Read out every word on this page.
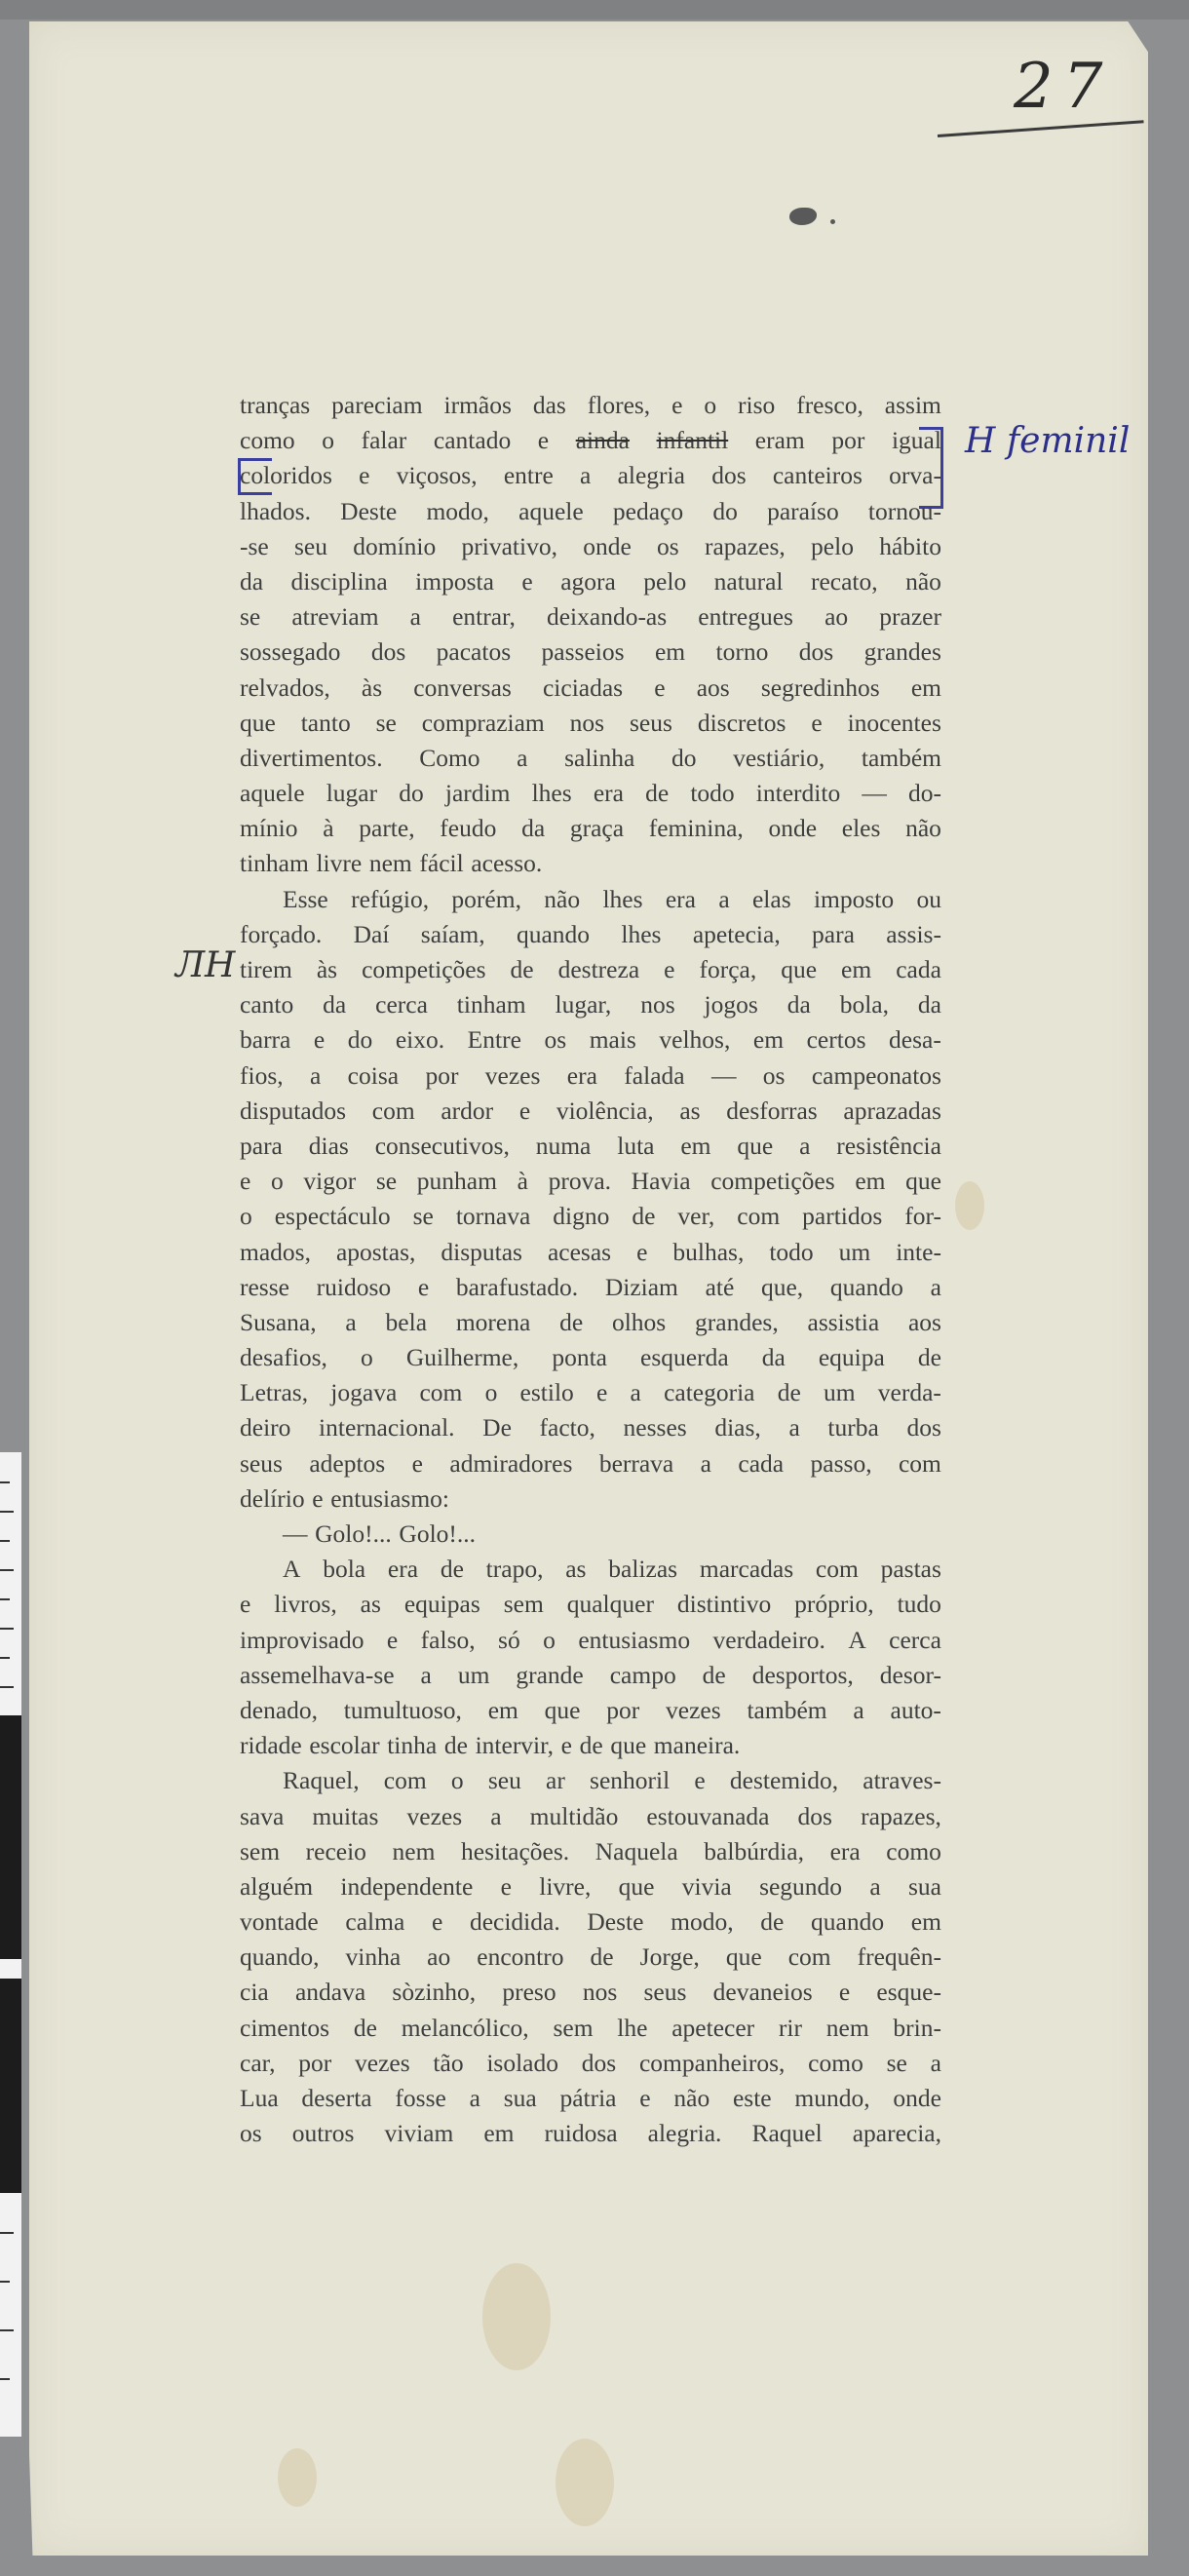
27
H feminil
ЛН
tranças pareciam irmãos das flores, e o riso fresco, assim
como o falar cantado e ainda infantil eram por igual
coloridos e viçosos, entre a alegria dos canteiros orva-
lhados. Deste modo, aquele pedaço do paraíso tornou-
-se seu domínio privativo, onde os rapazes, pelo hábito
da disciplina imposta e agora pelo natural recato, não
se atreviam a entrar, deixando-as entregues ao prazer
sossegado dos pacatos passeios em torno dos grandes
relvados, às conversas ciciadas e aos segredinhos em
que tanto se compraziam nos seus discretos e inocentes
divertimentos. Como a salinha do vestiário, também
aquele lugar do jardim lhes era de todo interdito — do-
mínio à parte, feudo da graça feminina, onde eles não
tinham livre nem fácil acesso.
Esse refúgio, porém, não lhes era a elas imposto ou
forçado. Daí saíam, quando lhes apetecia, para assis-
tirem às competições de destreza e força, que em cada
canto da cerca tinham lugar, nos jogos da bola, da
barra e do eixo. Entre os mais velhos, em certos desa-
fios, a coisa por vezes era falada — os campeonatos
disputados com ardor e violência, as desforras aprazadas
para dias consecutivos, numa luta em que a resistência
e o vigor se punham à prova. Havia competições em que
o espectáculo se tornava digno de ver, com partidos for-
mados, apostas, disputas acesas e bulhas, todo um inte-
resse ruidoso e barafustado. Diziam até que, quando a
Susana, a bela morena de olhos grandes, assistia aos
desafios, o Guilherme, ponta esquerda da equipa de
Letras, jogava com o estilo e a categoria de um verda-
deiro internacional. De facto, nesses dias, a turba dos
seus adeptos e admiradores berrava a cada passo, com
delírio e entusiasmo:
— Golo!... Golo!...
A bola era de trapo, as balizas marcadas com pastas
e livros, as equipas sem qualquer distintivo próprio, tudo
improvisado e falso, só o entusiasmo verdadeiro. A cerca
assemelhava-se a um grande campo de desportos, desor-
denado, tumultuoso, em que por vezes também a auto-
ridade escolar tinha de intervir, e de que maneira.
Raquel, com o seu ar senhoril e destemido, atraves-
sava muitas vezes a multidão estouvanada dos rapazes,
sem receio nem hesitações. Naquela balbúrdia, era como
alguém independente e livre, que vivia segundo a sua
vontade calma e decidida. Deste modo, de quando em
quando, vinha ao encontro de Jorge, que com frequên-
cia andava sòzinho, preso nos seus devaneios e esque-
cimentos de melancólico, sem lhe apetecer rir nem brin-
car, por vezes tão isolado dos companheiros, como se a
Lua deserta fosse a sua pátria e não este mundo, onde
os outros viviam em ruidosa alegria. Raquel aparecia,
